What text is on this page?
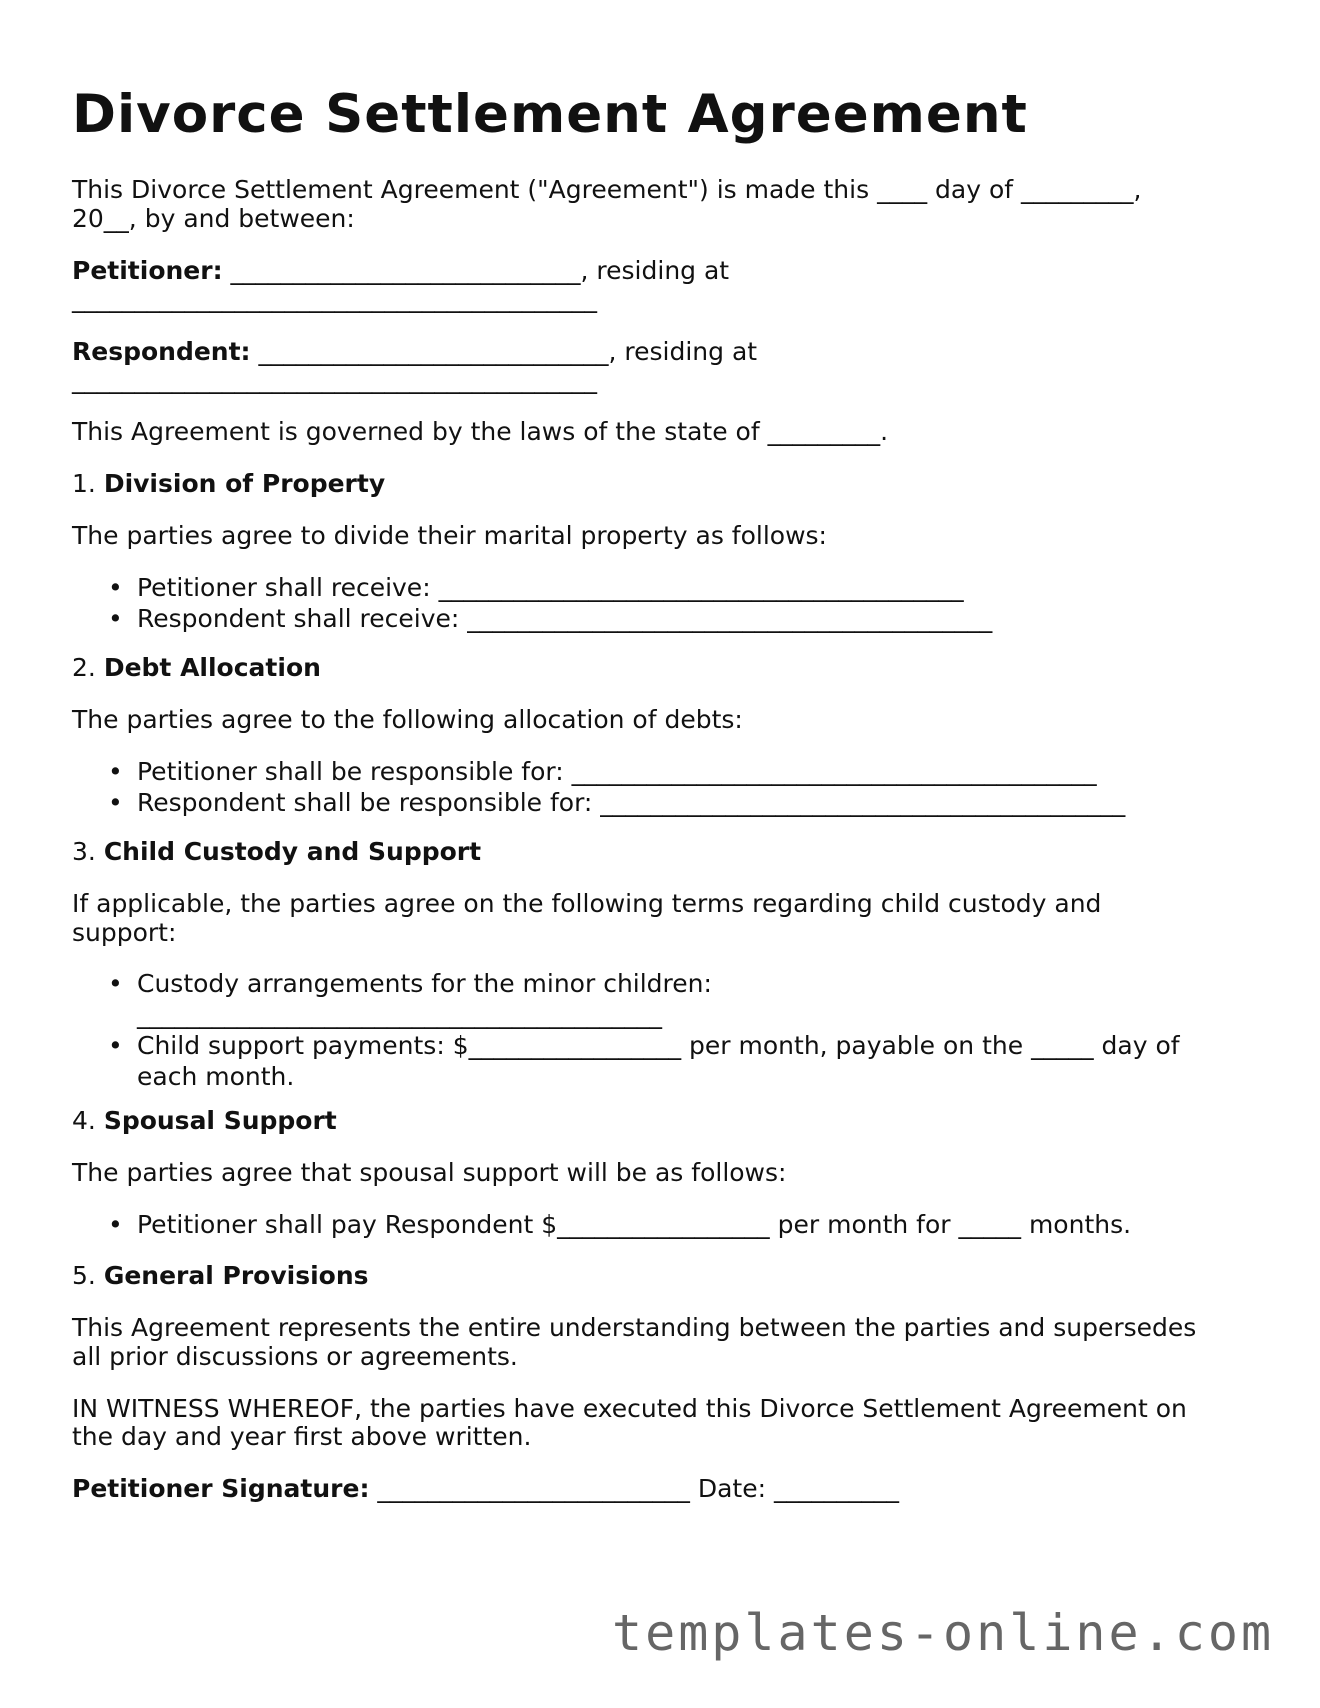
Divorce Settlement Agreement

This Divorce Settlement Agreement ("Agreement") is made this ____ day of _________,

20__, by and between:

Petitioner: ____________________________, residing at

__________________________________________

Respondent: ____________________________, residing at

__________________________________________

This Agreement is governed by the laws of the state of _________.

1. Division of Property

The parties agree to divide their marital property as follows:

• Petitioner shall receive: __________________________________________
• Respondent shall receive: __________________________________________

2. Debt Allocation

The parties agree to the following allocation of debts:

• Petitioner shall be responsible for: __________________________________________
• Respondent shall be responsible for: __________________________________________

3. Child Custody and Support

If applicable, the parties agree on the following terms regarding child custody and

support:

• Custody arrangements for the minor children:
__________________________________________
• Child support payments: $_________________ per month, payable on the _____ day of
each month.

4. Spousal Support

The parties agree that spousal support will be as follows:

• Petitioner shall pay Respondent $_________________ per month for _____ months.

5. General Provisions

This Agreement represents the entire understanding between the parties and supersedes

all prior discussions or agreements.

IN WITNESS WHEREOF, the parties have executed this Divorce Settlement Agreement on

the day and year first above written.

Petitioner Signature: _________________________ Date: __________

templates-online.com
